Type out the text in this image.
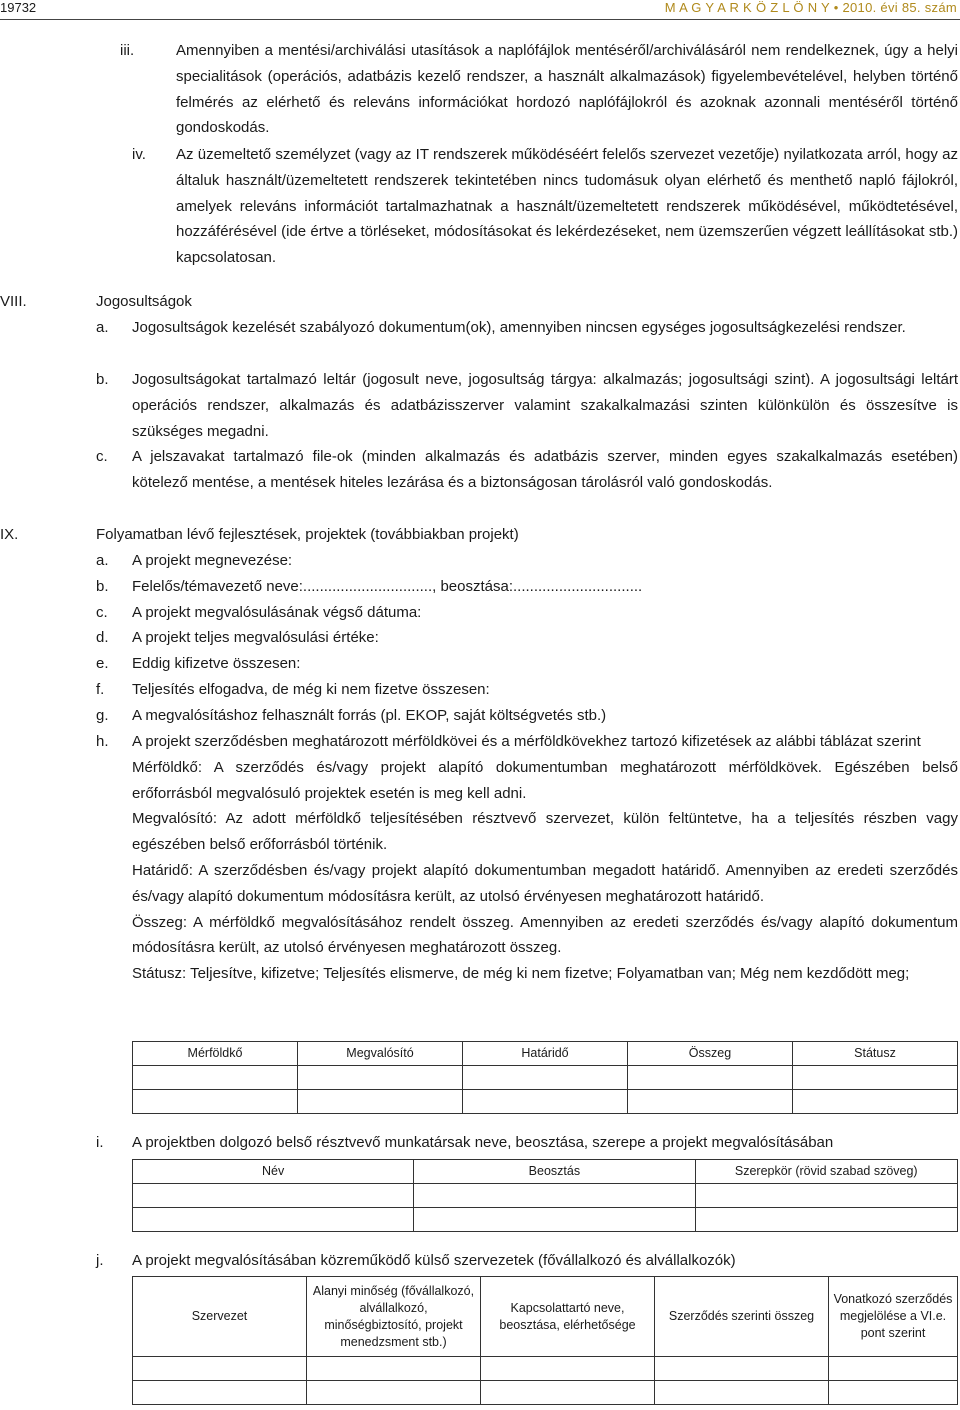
19732	M A G Y A R K Ö Z L Ö N Y • 2010. évi 85. szám
iii.	Amennyiben a mentési/archiválási utasítások a naplófájlok mentéséről/archiválásáról nem rendelkeznek, úgy a helyi specialitások (operációs, adatbázis kezelő rendszer, a használt alkalmazások) figyelembevételével, helyben történő felmérés az elérhető és releváns információkat hordozó naplófájlokról és azoknak azonnali mentéséről történő gondoskodás.

iv. Az üzemeltető személyzet (vagy az IT rendszerek működéséért felelős szervezet vezetője) nyilatkozata arról, hogy az általuk használt/üzemeltetett rendszerek tekintetében nincs tudomásuk olyan elérhető és menthető napló fájlokról, amelyek releváns információt tartalmazhatnak a használt/üzemeltetett rendszerek működésével, működtetésével, hozzáférésével (ide értve a törléseket, módosításokat és lekérdezéseket, nem üzemszerűen végzett leállításokat stb.) kapcsolatosan.

VIII.	Jogosultságok
a. Jogosultságok kezelését szabályozó dokumentum(ok), amennyiben nincsen egységes jogosultságkezelési rendszer.
b. Jogosultságokat tartalmazó leltár (jogosult neve, jogosultság tárgya: alkalmazás; jogosultsági szint). A jogosultsági leltárt operációs rendszer, alkalmazás és adatbázisszerver valamint szakalkalmazási szinten különkülön és összesítve is szükséges megadni.
c. A jelszavakat tartalmazó file-ok (minden alkalmazás és adatbázis szerver, minden egyes szakalkalmazás esetében) kötelező mentése, a mentések hiteles lezárása és a biztonságosan tárolásról való gondoskodás.
IX.	Folyamatban lévő fejlesztések, projektek (továbbiakban projekt)
a. A projekt megnevezése:
b. Felelős/témavezető neve:..............................., beosztása:...............................
c. A projekt megvalósulásának végső dátuma:
d. A projekt teljes megvalósulási értéke:
e. Eddig kifizetve összesen:
f. Teljesítés elfogadva, de még ki nem fizetve összesen:
g. A megvalósításhoz felhasznált forrás (pl. EKOP, saját költségvetés stb.)
h. A projekt szerződésben meghatározott mérföldkövei és a mérföldkövekhez tartozó kifizetések az alábbi táblázat szerint

Mérföldkő: A szerződés és/vagy projekt alapító dokumentumban meghatározott mérföldkövek. Egészében belső erőforrásból megvalósuló projektek esetén is meg kell adni.

Megvalósító: Az adott mérföldkő teljesítésében résztvevő szervezet, külön feltüntetve, ha a teljesítés részben vagy egészében belső erőforrásból történik.

Határidő: A szerződésben és/vagy projekt alapító dokumentumban megadott határidő. Amennyiben az eredeti szerződés és/vagy alapító dokumentum módosításra került, az utolsó érvényesen meghatározott határidő.

Összeg: A mérföldkő megvalósításához rendelt összeg. Amennyiben az eredeti szerződés és/vagy alapító dokumentum módosításra került, az utolsó érvényesen meghatározott összeg.

Státusz: Teljesítve, kifizetve; Teljesítés elismerve, de még ki nem fizetve; Folyamatban van; Még nem kezdődött meg;

Mérföldkő	Megvalósító	Határidő	Összeg	Státusz

i. A projektben dolgozó belső résztvevő munkatársak neve, beosztása, szerepe a projekt megvalósításában
Név	Beosztás	Szerepkör (rövid szabad szöveg)

j. A projekt megvalósításában közreműködő külső szervezetek (fővállalkozó és alvállalkozók)
Szervezet	Alanyi minőség (fővállalkozó, alvállalkozó, minőségbiztosító, projekt menedzsment stb.)	Kapcsolattartó neve, beosztása, elérhetősége	Szerződés szerinti összeg	Vonatkozó szerződés megjelölése a VI.e. pont szerint
